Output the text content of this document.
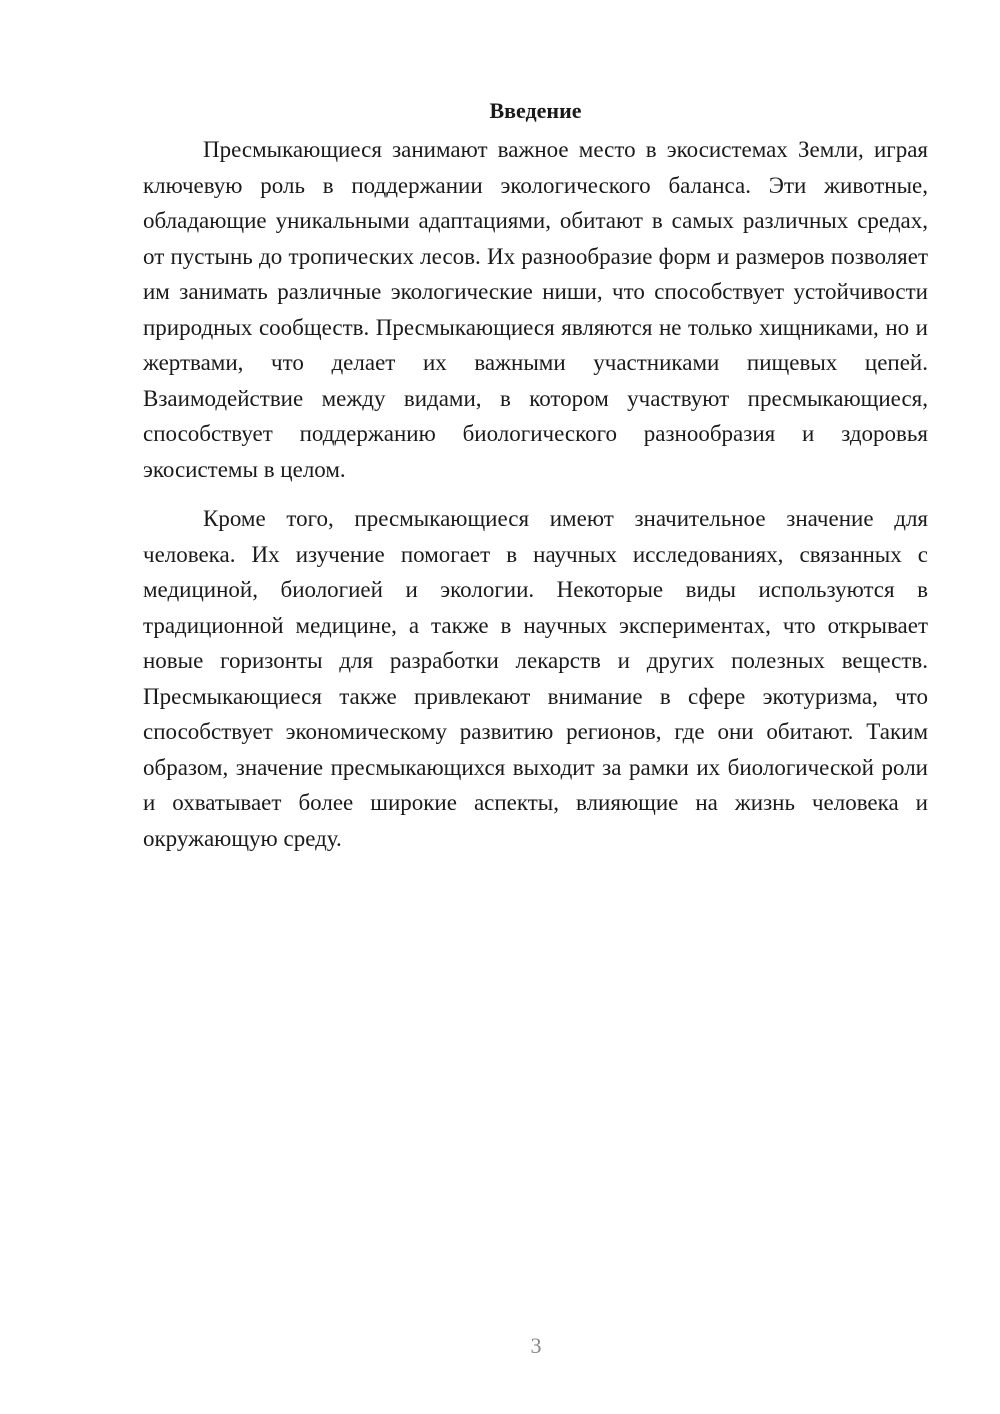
Введение

Пресмыкающиеся занимают важное место в экосистемах Земли, играя ключевую роль в поддержании экологического баланса. Эти животные, обладающие уникальными адаптациями, обитают в самых различных средах, от пустынь до тропических лесов. Их разнообразие форм и размеров позволяет им занимать различные экологические ниши, что способствует устойчивости природных сообществ. Пресмыкающиеся являются не только хищниками, но и жертвами, что делает их важными участниками пищевых цепей. Взаимодействие между видами, в котором участвуют пресмыкающиеся, способствует поддержанию биологического разнообразия и здоровья экосистемы в целом.

Кроме того, пресмыкающиеся имеют значительное значение для человека. Их изучение помогает в научных исследованиях, связанных с медициной, биологией и экологии. Некоторые виды используются в традиционной медицине, а также в научных экспериментах, что открывает новые горизонты для разработки лекарств и других полезных веществ. Пресмыкающиеся также привлекают внимание в сфере экотуризма, что способствует экономическому развитию регионов, где они обитают. Таким образом, значение пресмыкающихся выходит за рамки их биологической роли и охватывает более широкие аспекты, влияющие на жизнь человека и окружающую среду.

3
